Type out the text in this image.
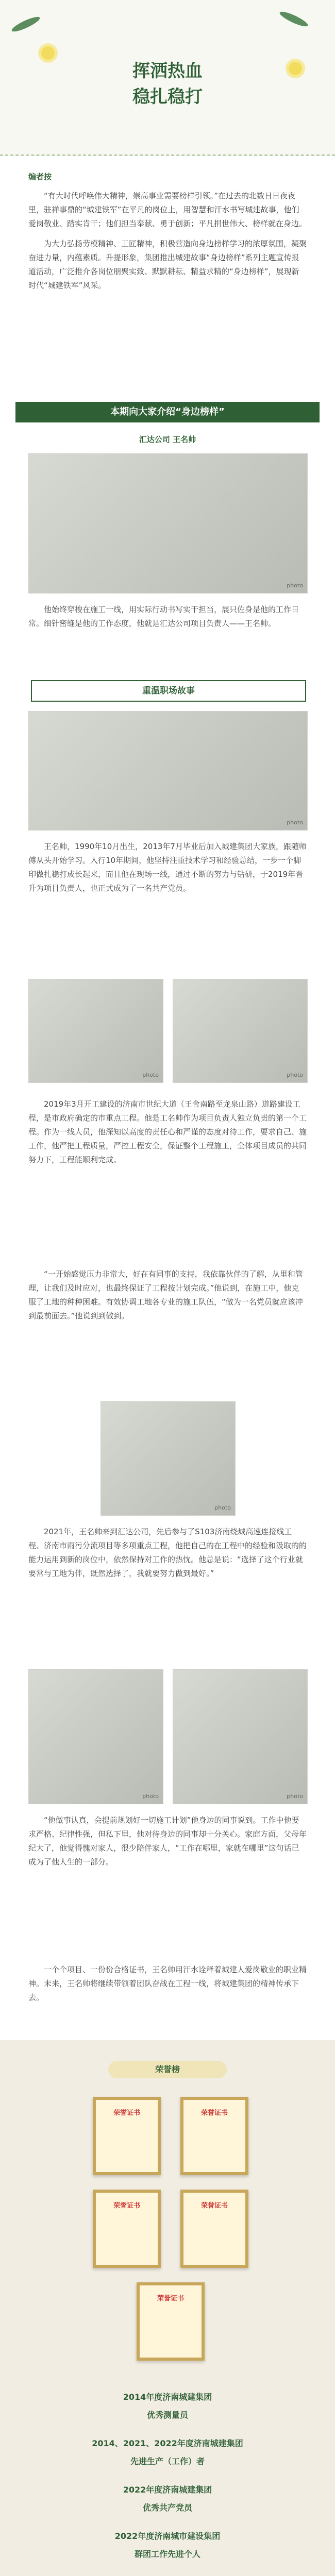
挥洒热血
稳扎稳打
编者按

“有大时代呼唤伟大精神，崇高事业需要榜样引领。”在过去的北数日日夜夜里，驻禅事鼎的“城建铁军”在平凡的岗位上，用智慧和汗水书写城建故事，他们爱岗敬业、踏实肯干；他们担当奉献、勇于创新；平凡捐世伟大、榜样就在身边。

为大力弘扬劳模精神、工匠精神，积极营造向身边榜样学习的浓厚氛围，凝聚奋进力量，内蕴素质。升提形象，集团推出城建故事“身边榜样”系列主题宣传报道活动，广泛推介各岗位朋聚实致、默默耕耘、精益求精的“身边榜样”，展现新时代“城建铁军”风采。

本期向大家介绍“身边榜样”
汇达公司 王名帅
photo

他始终穿梭在施工一线，用实际行动书写实干担当，展只佐身是他的工作日常。细针密缝是他的工作态度，他就是汇达公司项目负责人——王名帅。

重温职场故事
photo

王名帅，1990年10月出生，2013年7月毕业后加入城建集团大家族，跟随师傅从头开始学习。入行10年期间，他坚持注重技术学习和经验总结，一步一个脚印做扎稳打成长起来，而且他在现场一线，通过不断的努力与钻研，于2019年晋升为项目负责人，也正式成为了一名共产党员。

photo	photo

2019年3月开工建设的济南市世纪大道（王舍南路至龙泉山路）道路建设工程，是市政府确定的市重点工程。他是工名帅作为项目负责人独立负责的第一个工程。作为一线人员，他深知以高度的责任心和严谨的态度对待工作，要求自己、施工作，他严把工程质量，严控工程安全，保证整个工程施工，全体项目成员的共同努力下，工程能顺利完成。

“一开始感觉压力非常大，好在有同事的支持，我依靠伙伴的了解，从里和管理，让我们及时应对，也最终保证了工程按计划完成。”他说到，在施工中，他克服了工地的种种困难。有效协调工地各专业的施工队伍，“做为一名党员就应该冲到最前面去。”他说到到做到。

photo

2021年，王名帅来到汇达公司，先后参与了S103济南绕城高速连接线工程、济南市雨污分流项目等多项重点工程，他把自己的在工程中的经验和汲取的的能力运用到新的岗位中，依然保持对工作的热忱。他总是说：“选择了这个行业就要常与工地为伴，既然选择了，我就要努力做到最好。”

photo	photo

“他做事认真，会提前规划好一切施工计划”他身边的同事说到。工作中他要求严格、纪律性强，但私下里，他对待身边的同事却十分关心。家庭方面，父母年纪大了，他觉得愧对家人，很少陪伴家人，“工作在哪里，家就在哪里”这句话已成为了他人生的一部分。

一个个项目、一份份合格证书，王名帅用汗水诠释着城建人爱岗敬业的职业精神。未来，王名帅将继续带领着团队奋战在工程一线，将城建集团的精神传承下去。

荣誉榜
荣誉证书	荣誉证书
荣誉证书	荣誉证书
荣誉证书
2014年度济南城建集团
优秀测量员
2014、2021、2022年度济南城建集团
先进生产（工作）者
2022年度济南城建集团
优秀共产党员
2022年度济南城市建设集团
群团工作先进个人
